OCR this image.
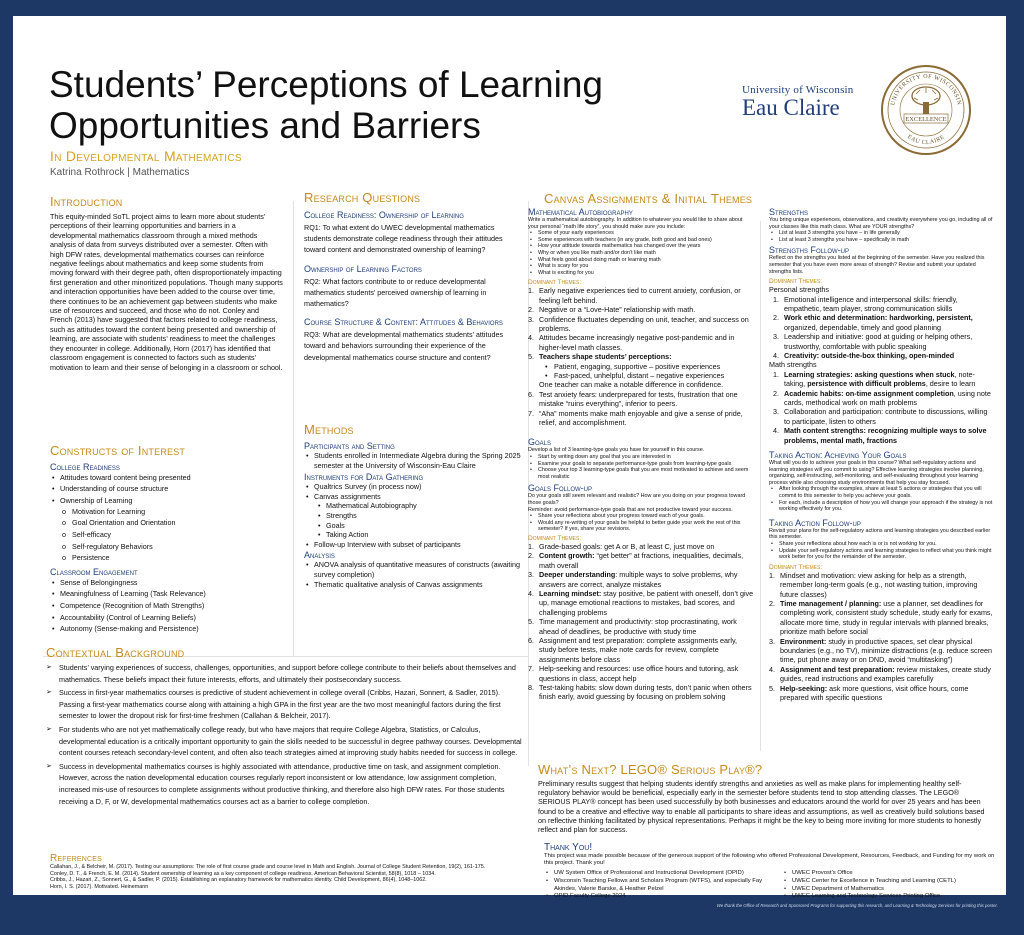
Students’ Perceptions of Learning
Opportunities and Barriers
In Developmental Mathematics
Katrina Rothrock | Mathematics
University of Wisconsin
Eau Claire	UNIVERSITY OF WISCONSIN
EAU CLAIRE
EXCELLENCE
Introduction
This equity-minded SoTL project aims to learn more about students’ perceptions of their learning opportunities and barriers in a developmental mathematics classroom through a mixed methods analysis of data from surveys distributed over a semester. Often with high DFW rates, developmental mathematics courses can reinforce negative feelings about mathematics and keep some students from moving forward with their degree path, often disproportionately impacting first generation and other minoritized populations. Though many supports and interaction opportunities have been added to the course over time, there continues to be an achievement gap between students who make use of resources and succeed, and those who do not. Conley and French (2013) have suggested that factors related to college readiness, such as attitudes toward the content being presented and ownership of learning, are associate with students’ readiness to meet the challenges they encounter in college. Additionally, Horn (2017) has identified that classroom engagement is connected to factors such as students’ motivation to learn and their sense of belonging in a classroom or school.
Constructs of Interest
College Readiness
• Attitudes toward content being presented
• Understanding of course structure
• Ownership of Learning
o Motivation for Learning
o Goal Orientation and Orientation
o Self-efficacy
o Self-regulatory Behaviors
o Persistence
Classroom Engagement
• Sense of Belongingness
• Meaningfulness of Learning (Task Relevance)
• Competence (Recognition of Math Strengths)
• Accountability (Control of Learning Beliefs)
• Autonomy (Sense-making and Persistence)
Research Questions
College Readiness: Ownership of Learning
RQ1: To what extent do UWEC developmental mathematics students demonstrate college readiness through their attitudes toward content and demonstrated ownership of learning?
Ownership of Learning Factors
RQ2: What factors contribute to or reduce developmental mathematics students’ perceived ownership of learning in mathematics?
Course Structure & Content: Attitudes & Behaviors
RQ3: What are developmental mathematics students’ attitudes toward and behaviors surrounding their experience of the developmental mathematics course structure and content?
Methods
Participants and Setting
• Students enrolled in Intermediate Algebra during the Spring 2025 semester at the University of Wisconsin-Eau Claire
Instruments for Data Gathering
• Qualtrics Survey (in process now)
• Canvas assignments
• Mathematical Autobiography
• Strengths
• Goals
• Taking Action
• Follow-up Interview with subset of participants
Analysis
• ANOVA analysis of quantitative measures of constructs (awaiting survey completion)
• Thematic qualitative analysis of Canvas assignments
Contextual Background
➢ Students’ varying experiences of success, challenges, opportunities, and support before college contribute to their beliefs about themselves and mathematics. These beliefs impact their future interests, efforts, and ultimately their postsecondary success.
➢ Success in first-year mathematics courses is predictive of student achievement in college overall (Cribbs, Hazari, Sonnert, & Sadler, 2015). Passing a first-year mathematics course along with attaining a high GPA in the first year are the two most meaningful factors during the first semester to lower the dropout risk for first-time freshmen (Callahan & Belcheir, 2017).
➢ For students who are not yet mathematically college ready, but who have majors that require College Algebra, Statistics, or Calculus, developmental education is a critically important opportunity to gain the skills needed to be successful in degree pathway courses. Developmental content courses reteach secondary-level content, and often also teach strategies aimed at improving study habits needed for success in college.
➢ Success in developmental mathematics courses is highly associated with attendance, productive time on task, and assignment completion. However, across the nation developmental education courses regularly report inconsistent or low attendance, low assignment completion, increased mis-use of resources to complete assignments without productive thinking, and therefore also high DFW rates. For those students receiving a D, F, or W, developmental mathematics courses act as a barrier to college completion.
References
Callahan, J., & Belcheir, M. (2017). Testing our assumptions: The role of first course grade and course level in Math and English. Journal of College Student Retention, 19(2), 161-175.
Conley, D. T., & French, E. M. (2014). Student ownership of learning as a key component of college readiness. American Behavioral Scientist, 58(8), 1018 – 1034.
Cribbs, J., Hazari, Z., Sonnert, G., & Sadler, P. (2015). Establishing an explanatory framework for mathematics identity. Child Development, 86(4), 1048–1062.
Horn, I. S. (2017). Motivated. Heinemann
Canvas Assignments & Initial Themes
Mathematical Autobiography
Write a mathematical autobiography. In addition to whatever you would like to share about your personal “math life story”, you should make sure you include:
• Some of your early experiences
• Some experiences with teachers (in any grade, both good and bad ones)
• How your attitude towards mathematics has changed over the years
• Why or when you like math and/or don’t like math
• What feels good about doing math or learning math
• What is scary for you
• What is exciting for you
Dominant Themes:
1. Early negative experiences tied to current anxiety, confusion, or feeling left behind.
2. Negative or a “Love-Hate” relationship with math.
3. Confidence fluctuates depending on unit, teacher, and success on problems.
4. Attitudes became increasingly negative post-pandemic and in higher-level math classes.
5. Teachers shape students’ perceptions:
• Patient, engaging, supportive – positive experiences
• Fast-paced, unhelpful, distant – negative experiences
One teacher can make a notable difference in confidence.
6. Test anxiety fears: underprepared for tests, frustration that one mistake “ruins everything”, inferior to peers.
7. “Aha” moments make math enjoyable and give a sense of pride, relief, and accomplishment.
Goals
Develop a list of 3 learning-type goals you have for yourself in this course.
• Start by writing down any goal that you are interested in
• Examine your goals to separate performance-type goals from learning-type goals
• Choose your top 3 learning-type goals that you are most motivated to achieve and seem most realistic
Goals Follow-up
Do your goals still seem relevant and realistic? How are you doing on your progress toward those goals?
Reminder: avoid performance-type goals that are not productive toward your success.
• Share your reflections about your progress toward each of your goals.
• Would any re-writing of your goals be helpful to better guide your work the rest of this semester? If yes, share your revisions.
Dominant Themes:
1. Grade-based goals: get A or B, at least C, just move on
2. Content growth: “get better” at fractions, inequalities, decimals, math overall
3. Deeper understanding: multiple ways to solve problems, why answers are correct, analyze mistakes
4. Learning mindset: stay positive, be patient with oneself, don’t give up, manage emotional reactions to mistakes, bad scores, and challenging problems
5. Time management and productivity: stop procrastinating, work ahead of deadlines, be productive with study time
6. Assignment and test preparation: complete assignments early, study before tests, make note cards for review, complete assignments before class
7. Help-seeking and resources: use office hours and tutoring, ask questions in class, accept help
8. Test-taking habits: slow down during tests, don’t panic when others finish early, avoid guessing by focusing on problem solving
Strengths
You bring unique experiences, observations, and creativity everywhere you go, including all of your classes like this math class. What are YOUR strengths?
• List at least 3 strengths you have – in life generally
• List at least 3 strengths you have – specifically in math
Strengths Follow-up
Reflect on the strengths you listed at the beginning of the semester. Have you realized this semester that you have even more areas of strength? Revise and submit your updated strengths lists.
Dominant Themes:
Personal strengths
1. Emotional intelligence and interpersonal skills: friendly, empathetic, team player, strong communication skills
2. Work ethic and determination: hardworking, persistent, organized, dependable, timely and good planning
3. Leadership and initiative: good at guiding or helping others, trustworthy, comfortable with public speaking
4. Creativity: outside-the-box thinking, open-minded
Math strengths
1. Learning strategies: asking questions when stuck, note-taking, persistence with difficult problems, desire to learn
2. Academic habits: on-time assignment completion, using note cards, methodical work on math problems
3. Collaboration and participation: contribute to discussions, willing to participate, listen to others
4. Math content strengths: recognizing multiple ways to solve problems, mental math, fractions
Taking Action: Achieving Your Goals
What will you do to achieve your goals in this course? What self-regulatory actions and learning strategies will you commit to using? Effective learning strategies involve planning, organizing, self-instructing, self-monitoring, and self-evaluating throughout your learning process while also choosing study environments that help you stay focused.
• After looking through the examples, share at least 5 actions or strategies that you will commit to this semester to help you achieve your goals.
• For each, include a description of how you will change your approach if the strategy is not working effectively for you.
Taking Action Follow-up
Revisit your plans for the self-regulatory actions and learning strategies you described earlier this semester.
• Share your reflections about how each is or is not working for you.
• Update your self-regulatory actions and learning strategies to reflect what you think might work better for you for the remainder of the semester.
Dominant Themes:
1. Mindset and motivation: view asking for help as a strength, remember long-term goals (e.g., not wasting tuition, improving future classes)
2. Time management / planning: use a planner, set deadlines for completing work, consistent study schedule, study early for exams, allocate more time, study in regular intervals with planned breaks, prioritize math before social
3. Environment: study in productive spaces, set clear physical boundaries (e.g., no TV), minimize distractions (e.g. reduce screen time, put phone away or on DND, avoid “multitasking”)
4. Assignment and test preparation: review mistakes, create study guides, read instructions and examples carefully
5. Help-seeking: ask more questions, visit office hours, come prepared with specific questions
What’s Next? LEGO® Serious Play®?
Preliminary results suggest that helping students identify strengths and anxieties as well as make plans for implementing healthy self-regulatory behavior would be beneficial, especially early in the semester before students tend to stop attending classes. The LEGO® SERIOUS PLAY® concept has been used successfully by both businesses and educators around the world for over 25 years and has been found to be a creative and effective way to enable all participants to share ideas and assumptions, as well as creatively build solutions based on reflective thinking facilitated by physical representations. Perhaps it might be the key to being more inviting for more students to honestly reflect and plan for success.
Thank You!
This project was made possible because of the generous support of the following who offered Professional Development, Resources, Feedback, and Funding for my work on this project. Thank you!
• UW System Office of Professional and Instructional Development (OPID)
• Wisconsin Teaching Fellows and Scholars Program (WTFS), and especially Fay Akindes, Valerie Barske, & Heather Pelzel
• OPID Faculty College 2024
• UWEC Provost’s Office
• UWEC Center for Excellence in Teaching and Learning (CETL)
• UWEC Department of Mathematics
• UWEC Learning and Technology Services Printing Office
We thank the Office of Research and Sponsored Programs for supporting this research, and Learning & Technology Services for printing this poster.
